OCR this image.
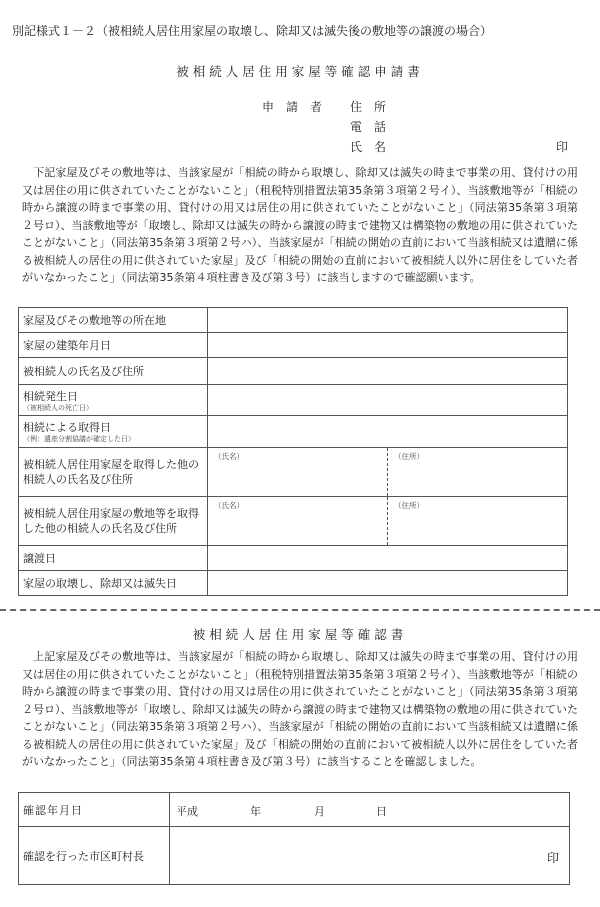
別記様式１－２（被相続人居住用家屋の取壊し、除却又は滅失後の敷地等の譲渡の場合）
被相続人居住用家屋等確認申請書
申　請　者 住　所
電　話
氏　名	印

下記家屋及びその敷地等は、当該家屋が「相続の時から取壊し、除却又は滅失の時まで事業の用、貸付けの用又は居住の用に供されていたことがないこと」（租税特別措置法第35条第３項第２号イ）、当該敷地等が「相続の時から譲渡の時まで事業の用、貸付けの用又は居住の用に供されていたことがないこと」（同法第35条第３項第２号ロ）、当該敷地等が「取壊し、除却又は滅失の時から譲渡の時まで建物又は構築物の敷地の用に供されていたことがないこと」（同法第35条第３項第２号ハ）、当該家屋が「相続の開始の直前において当該相続又は遺贈に係る被相続人の居住の用に供されていた家屋」及び「相続の開始の直前において被相続人以外に居住をしていた者がいなかったこと」（同法第35条第４項柱書き及び第３号）に該当しますので確認願います。

家屋及びその敷地等の所在地		
家屋の建築年月日		
被相続人の氏名及び住所		
相続発生日
（被相続人の死亡日）		

相続による取得日
（例：遺産分割協議が確定した日）		

被相続人居住用家屋を取得した他の相続人の氏名及び住所	（氏名）	（住所）

被相続人居住用家屋の敷地等を取得した他の相続人の氏名及び住所	（氏名）	（住所）

譲渡日		
家屋の取壊し、除却又は滅失日		
被相続人居住用家屋等確認書

上記家屋及びその敷地等は、当該家屋が「相続の時から取壊し、除却又は滅失の時まで事業の用、貸付けの用又は居住の用に供されていたことがないこと」（租税特別措置法第35条第３項第２号イ）、当該敷地等が「相続の時から譲渡の時まで事業の用、貸付けの用又は居住の用に供されていたことがないこと」（同法第35条第３項第２号ロ）、当該敷地等が「取壊し、除却又は滅失の時から譲渡の時まで建物又は構築物の敷地の用に供されていたことがないこと」（同法第35条第３項第２号ハ）、当該家屋が「相続の開始の直前において当該相続又は遺贈に係る被相続人の居住の用に供されていた家屋」及び「相続の開始の直前において被相続人以外に居住をしていた者がいなかったこと」（同法第35条第４項柱書き及び第３号）に該当することを確認しました。

確認年月日	平成 年 月 日

確認を行った市区町村長	印
